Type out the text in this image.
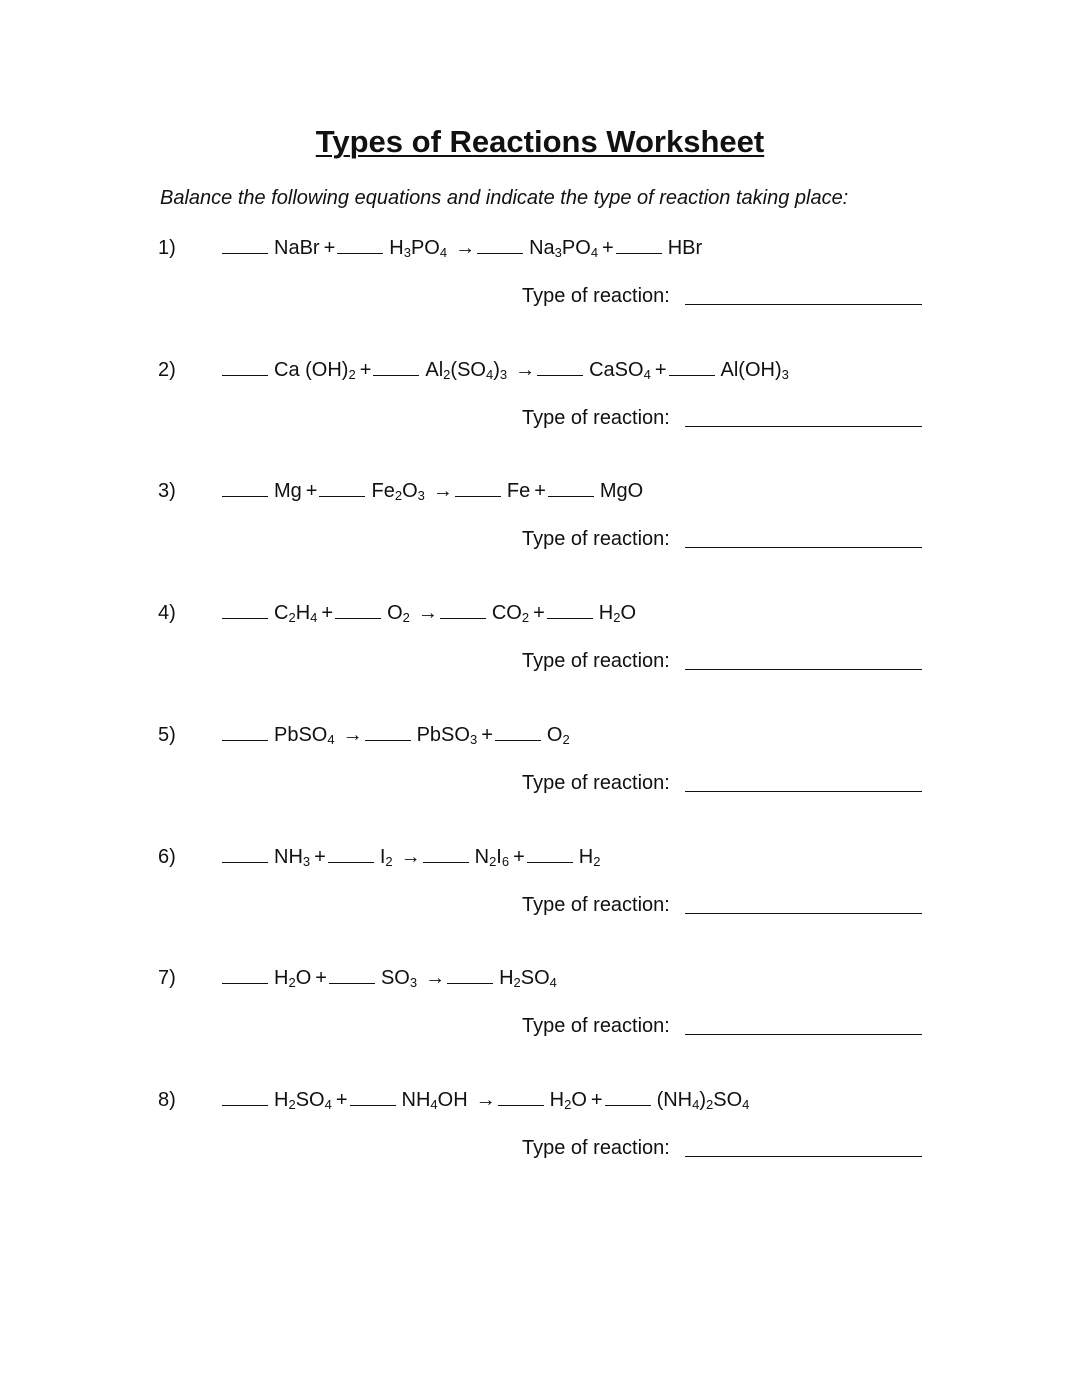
Types of Reactions Worksheet
Balance the following equations and indicate the type of reaction taking place:
1)	NaBr +	$H_3PO_4$ →	$Na_3PO_4$ +	HBr
Type of reaction:
2)	Ca $(OH)_2$ +	$Al_2(SO_4)_3$ →	CaSO$_4$ +	$Al(OH)_3$
Type of reaction:
3)	Mg +	$Fe_2O_3$ →	Fe +	MgO
Type of reaction:
4)	$C_2H_4$ +	$O_2$ →	$CO_2$ +	$H_2O$
Type of reaction:
5)	PbSO$_4$ →	PbSO$_3$ +	$O_2$
Type of reaction:
6)	$NH_3$ +	$I_2$ →	$N_2I_6$ +	$H_2$
Type of reaction:
7)	$H_2O$ +	$SO_3$ →	$H_2SO_4$
Type of reaction:
8)	$H_2SO_4$ +	$NH_4OH$ →	$H_2O$ +	$(NH_4)_2SO_4$
Type of reaction:
